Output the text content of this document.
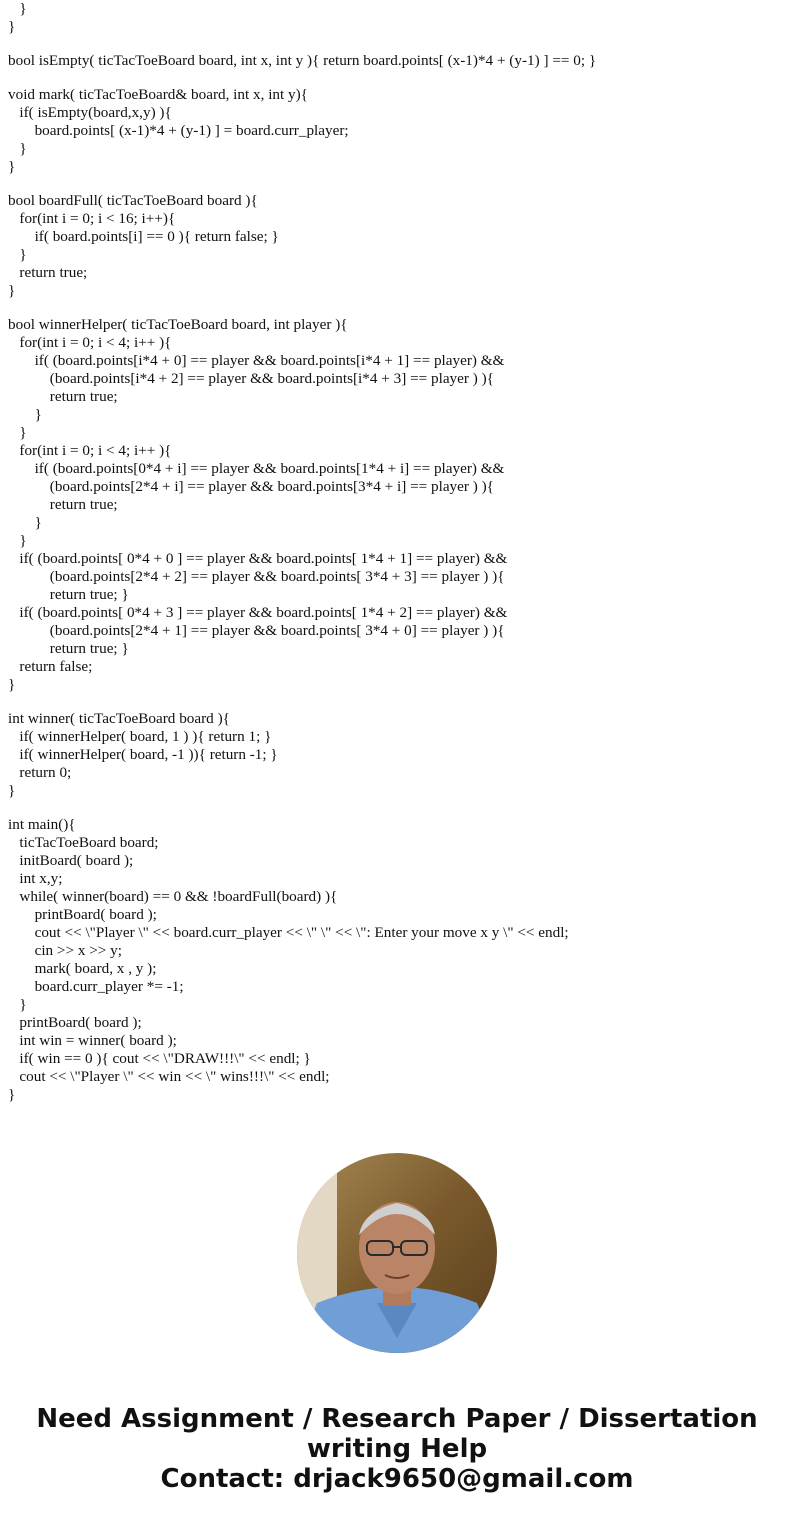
}
}
bool isEmpty( ticTacToeBoard board, int x, int y ){ return board.points[ (x-1)*4 + (y-1) ] == 0; }
void mark( ticTacToeBoard& board, int x, int y){
if( isEmpty(board,x,y) ){
board.points[ (x-1)*4 + (y-1) ] = board.curr_player;
}
}
bool boardFull( ticTacToeBoard board ){
for(int i = 0; i < 16; i++){
if( board.points[i] == 0 ){ return false; }
}
return true;
}
bool winnerHelper( ticTacToeBoard board, int player ){
for(int i = 0; i < 4; i++ ){
if( (board.points[i*4 + 0] == player && board.points[i*4 + 1] == player) &&
(board.points[i*4 + 2] == player && board.points[i*4 + 3] == player ) ){
return true;
}
}
for(int i = 0; i < 4; i++ ){
if( (board.points[0*4 + i] == player && board.points[1*4 + i] == player) &&
(board.points[2*4 + i] == player && board.points[3*4 + i] == player ) ){
return true;
}
}
if( (board.points[ 0*4 + 0 ] == player && board.points[ 1*4 + 1] == player) &&
(board.points[2*4 + 2] == player && board.points[ 3*4 + 3] == player ) ){
return true; }
if( (board.points[ 0*4 + 3 ] == player && board.points[ 1*4 + 2] == player) &&
(board.points[2*4 + 1] == player && board.points[ 3*4 + 0] == player ) ){
return true; }
return false;
}
int winner( ticTacToeBoard board ){
if( winnerHelper( board, 1 ) ){ return 1; }
if( winnerHelper( board, -1 )){ return -1; }
return 0;
}
int main(){
ticTacToeBoard board;
initBoard( board );
int x,y;
while( winner(board) == 0 && !boardFull(board) ){
printBoard( board );
cout << \"Player \" << board.curr_player << \" \" << \": Enter your move x y \" << endl;
cin >> x >> y;
mark( board, x , y );
board.curr_player *= -1;
}
printBoard( board );
int win = winner( board );
if( win == 0 ){ cout << \"DRAW!!!\" << endl; }
cout << \"Player \" << win << \" wins!!!\" << endl;
}
Need Assignment / Research Paper / Dissertation
writing Help
Contact: drjack9650@gmail.com
